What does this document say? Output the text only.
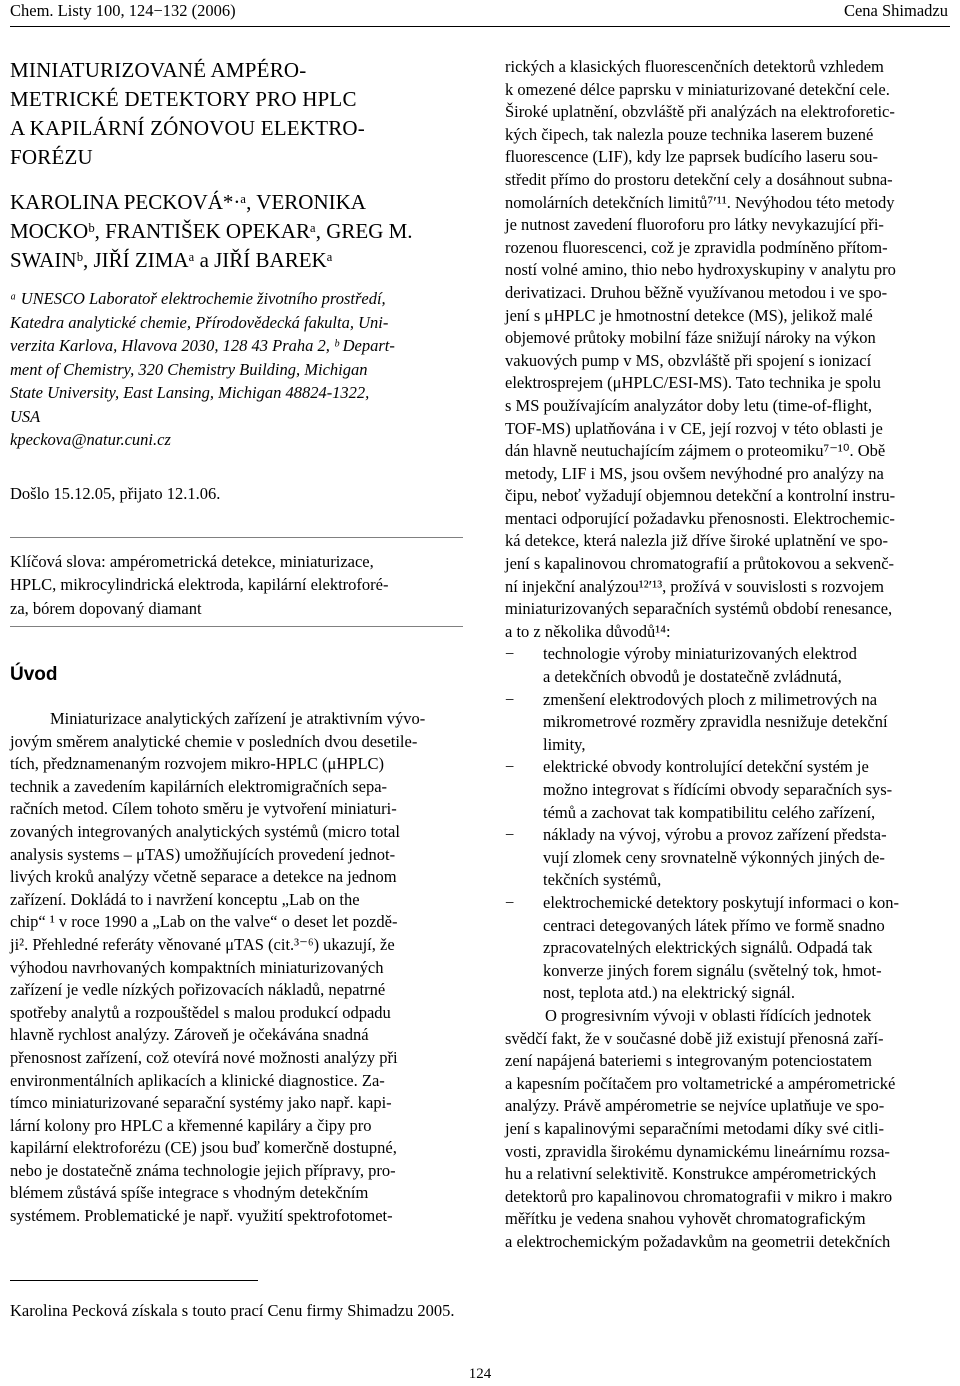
Chem. Listy 100, 124−132 (2006)	Cena Shimadzu
MINIATURIZOVANÉ AMPÉRO-
METRICKÉ DETEKTORY PRO HPLC
A KAPILÁRNÍ ZÓNOVOU ELEKTRO-
FORÉZU
KAROLINA PECKOVÁ*·ᵃ, VERONIKA
MOCKOᵇ, FRANTIŠEK OPEKARᵃ, GREG M.
SWAINᵇ, JIŘÍ ZIMAᵃ a JIŘÍ BAREKᵃ
ᵃ UNESCO Laboratoř elektrochemie životního prostředí,
Katedra analytické chemie, Přírodovědecká fakulta, Uni-
verzita Karlova, Hlavova 2030, 128 43 Praha 2, ᵇ Depart-
ment of Chemistry, 320 Chemistry Building, Michigan
State University, East Lansing, Michigan 48824-1322,
USA
kpeckova@natur.cuni.cz
Došlo 15.12.05, přijato 12.1.06.
Klíčová slova: ampérometrická detekce, miniaturizace,
HPLC, mikrocylindrická elektroda, kapilární elektroforé-
za, bórem dopovaný diamant
Úvod
Miniaturizace analytických zařízení je atraktivním vývo-
jovým směrem analytické chemie v posledních dvou desetile-
tích, předznamenaným rozvojem mikro-HPLC (μHPLC)
technik a zavedením kapilárních elektromigračních sepa-
račních metod. Cílem tohoto směru je vytvoření miniaturi-
zovaných integrovaných analytických systémů (micro total
analysis systems – μTAS) umožňujících provedení jednot-
livých kroků analýzy včetně separace a detekce na jednom
zařízení. Dokládá to i navržení konceptu „Lab on the
chip“ ¹ v roce 1990 a „Lab on the valve“ o deset let pozdě-
ji². Přehledné referáty věnované μTAS (cit.³⁻⁶) ukazují, že
výhodou navrhovaných kompaktních miniaturizovaných
zařízení je vedle nízkých pořizovacích nákladů, nepatrné
spotřeby analytů a rozpouštědel s malou produkcí odpadu
hlavně rychlost analýzy. Zároveň je očekávána snadná
přenosnost zařízení, což otevírá nové možnosti analýzy při
environmentálních aplikacích a klinické diagnostice. Za-
tímco miniaturizované separační systémy jako např. kapi-
lární kolony pro HPLC a křemenné kapiláry a čipy pro
kapilární elektroforézu (CE) jsou buď komerčně dostupné,
nebo je dostatečně známa technologie jejich přípravy, pro-
blémem zůstává spíše integrace s vhodným detekčním
systémem. Problematické je např. využití spektrofotomet-
rických a klasických fluorescenčních detektorů vzhledem
k omezené délce paprsku v miniaturizované detekční cele.
Široké uplatnění, obzvláště při analýzách na elektroforetic-
kých čipech, tak nalezla pouze technika laserem buzené
fluorescence (LIF), kdy lze paprsek budícího laseru sou-
středit přímo do prostoru detekční cely a dosáhnout subna-
nomolárních detekčních limitů⁷ʹ¹¹. Nevýhodou této metody
je nutnost zavedení fluoroforu pro látky nevykazující při-
rozenou fluorescenci, což je zpravidla podmíněno přítom-
ností volné amino, thio nebo hydroxyskupiny v analytu pro
derivatizaci. Druhou běžně využívanou metodou i ve spo-
jení s μHPLC je hmotnostní detekce (MS), jelikož malé
objemové průtoky mobilní fáze snižují nároky na výkon
vakuových pump v MS, obzvláště při spojení s ionizací
elektrosprejem (μHPLC/ESI-MS). Tato technika je spolu
s MS používajícím analyzátor doby letu (time-of-flight,
TOF-MS) uplatňována i v CE, její rozvoj v této oblasti je
dán hlavně neutuchajícím zájmem o proteomiku⁷⁻¹⁰. Obě
metody, LIF i MS, jsou ovšem nevýhodné pro analýzy na
čipu, neboť vyžadují objemnou detekční a kontrolní instru-
mentaci odporující požadavku přenosnosti. Elektrochemic-
ká detekce, která nalezla již dříve široké uplatnění ve spo-
jení s kapalinovou chromatografií a průtokovou a sekvenč-
ní injekční analýzou¹²ʹ¹³, prožívá v souvislosti s rozvojem
miniaturizovaných separačních systémů období renesance,
a to z několika důvodů¹⁴:
−	technologie výroby miniaturizovaných elektrod
a detekčních obvodů je dostatečně zvládnutá,
−	zmenšení elektrodových ploch z milimetrových na
mikrometrové rozměry zpravidla nesnižuje detekční
limity,
−	elektrické obvody kontrolující detekční systém je
možno integrovat s řídícími obvody separačních sys-
témů a zachovat tak kompatibilitu celého zařízení,
−	náklady na vývoj, výrobu a provoz zařízení předsta-
vují zlomek ceny srovnatelně výkonných jiných de-
tekčních systémů,
−	elektrochemické detektory poskytují informaci o kon-
centraci detegovaných látek přímo ve formě snadno
zpracovatelných elektrických signálů. Odpadá tak
konverze jiných forem signálu (světelný tok, hmot-
nost, teplota atd.) na elektrický signál.
O progresivním vývoji v oblasti řídících jednotek
svědčí fakt, že v současné době již existují přenosná zaří-
zení napájená bateriemi s integrovaným potenciostatem
a kapesním počítačem pro voltametrické a ampérometrické
analýzy. Právě ampérometrie se nejvíce uplatňuje ve spo-
jení s kapalinovými separačními metodami díky své citli-
vosti, zpravidla širokému dynamickému lineárnímu rozsa-
hu a relativní selektivitě. Konstrukce ampérometrických
detektorů pro kapalinovou chromatografii v mikro i makro
měřítku je vedena snahou vyhovět chromatografickým
a elektrochemickým požadavkům na geometrii detekčních
Karolina Pecková získala s touto prací Cenu firmy Shimadzu 2005.
124
